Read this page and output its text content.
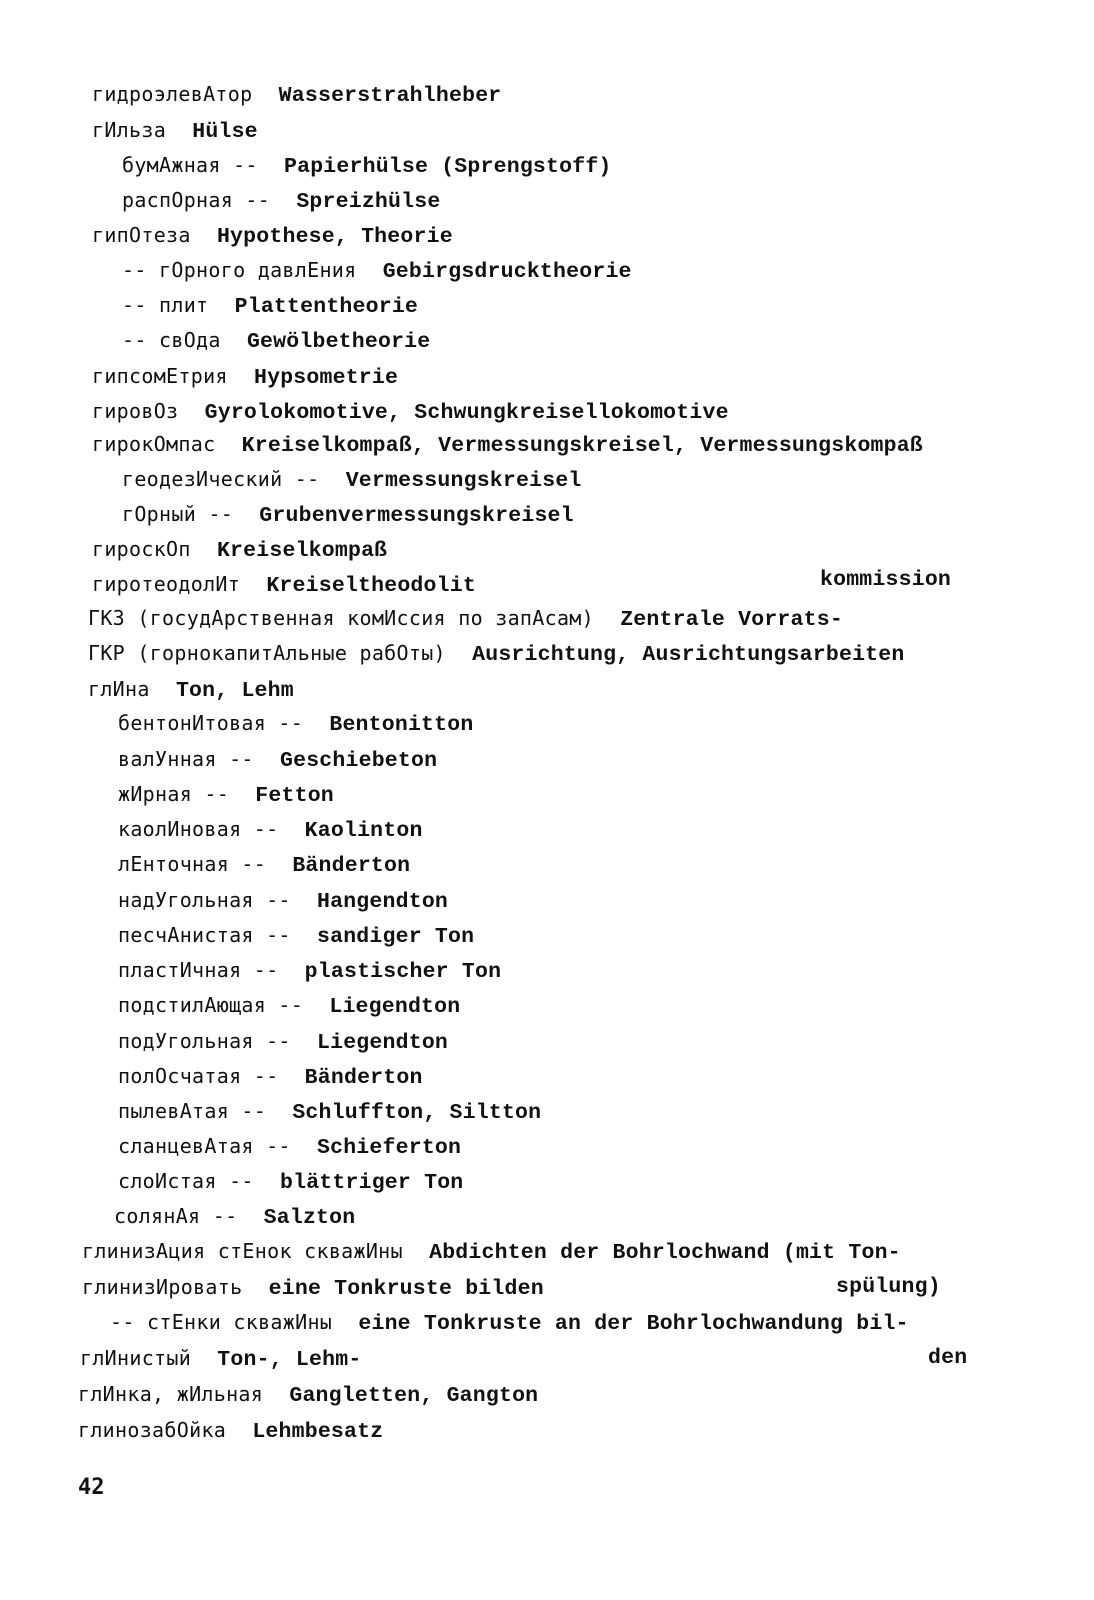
гидроэлевАтор Wasserstrahlheber
гИльза Hülse
бумАжная -- Papierhülse (Sprengstoff)
распОрная -- Spreizhülse
гипОтеза Hypothese, Theorie
-- гОрного давлЕния Gebirgsdrucktheorie
-- плит Plattentheorie
-- свОда Gewölbetheorie
гипсомЕтрия Hypsometrie
гировОз Gyrolokomotive, Schwungkreisellokomotive
гирокОмпас Kreiselkompaß, Vermessungskreisel, Vermessungskompaß
геодезИческий -- Vermessungskreisel
гОрный -- Grubenvermessungskreisel
гироскОп Kreiselkompaß
гиротеодолИт Kreiseltheodolit	kommission
ГКЗ (госудАрственная комИссия по запАсам) Zentrale Vorrats-
ГКР (горнокапитАльные рабОты) Ausrichtung, Ausrichtungsarbeiten
глИна Ton, Lehm
бентонИтовая -- Bentonitton
валУнная -- Geschiebeton
жИрная -- Fetton
каолИновая -- Kaolinton
лЕнточная -- Bänderton
надУгольная -- Hangendton
песчАнистая -- sandiger Ton
пластИчная -- plastischer Ton
подстилАющая -- Liegendton
подУгольная -- Liegendton
полОсчатая -- Bänderton
пылевАтая -- Schluffton, Siltton
сланцевАтая -- Schieferton
слоИстая -- blättriger Ton
солянАя -- Salzton
глинизАция стЕнок скважИны Abdichten der Bohrlochwand (mit Ton-
глинизИровать eine Tonkruste bilden	spülung)
-- стЕнки скважИны eine Tonkruste an der Bohrlochwandung bil-
глИнистый Ton-, Lehm-	den
глИнка, жИльная Gangletten, Gangton
глинозабОйка Lehmbesatz
42
